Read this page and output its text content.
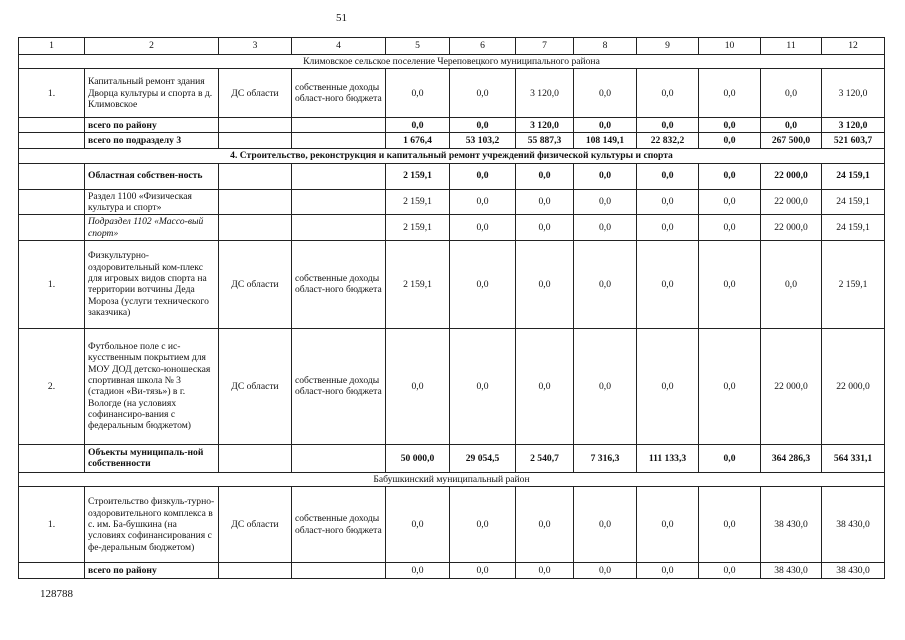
51
1	2	3	4	5	6	7	8	9	10	11	12
Климовское сельское поселение Череповецкого муниципального района											
1.	Капитальный ремонт здания Дворца культуры и спорта в д. Климовское	ДС области	собственные доходы област-ного бюджета	0,0	0,0	3 120,0	0,0	0,0	0,0	0,0	3 120,0
	всего по району			0,0	0,0	3 120,0	0,0	0,0	0,0	0,0	3 120,0
	всего по подразделу 3			1 676,4	53 103,2	55 887,3	108 149,1	22 832,2	0,0	267 500,0	521 603,7
4. Строительство, реконструкция и капитальный ремонт учреждений физической культуры и спорта											
	Областная собствен-ность			2 159,1	0,0	0,0	0,0	0,0	0,0	22 000,0	24 159,1
	Раздел 1100 «Физическая культура и спорт»			2 159,1	0,0	0,0	0,0	0,0	0,0	22 000,0	24 159,1
	Подраздел 1102 «Массо-вый спорт»			2 159,1	0,0	0,0	0,0	0,0	0,0	22 000,0	24 159,1
1.	Физкультурно-оздоровительный ком-плекс для игровых видов спорта на территории вотчины Деда Мороза (услуги технического заказчика)	ДС области	собственные доходы област-ного бюджета	2 159,1	0,0	0,0	0,0	0,0	0,0	0,0	2 159,1
2.	Футбольное поле с ис-кусственным покрытием для МОУ ДОД детско-юношеская спортивная школа № 3 (стадион «Ви-тязь») в г. Вологде (на условиях софинансиро-вания с федеральным бюджетом)	ДС области	собственные доходы област-ного бюджета	0,0	0,0	0,0	0,0	0,0	0,0	22 000,0	22 000,0
	Объекты муниципаль-ной собственности			50 000,0	29 054,5	2 540,7	7 316,3	111 133,3	0,0	364 286,3	564 331,1
Бабушкинский муниципальный район											
1.	Строительство физкуль-турно-оздоровительного комплекса в с. им. Ба-бушкина (на условиях софинансирования с фе-деральным бюджетом)	ДС области	собственные доходы област-ного бюджета	0,0	0,0	0,0	0,0	0,0	0,0	38 430,0	38 430,0
	всего по району			0,0	0,0	0,0	0,0	0,0	0,0	38 430,0	38 430,0
128788
